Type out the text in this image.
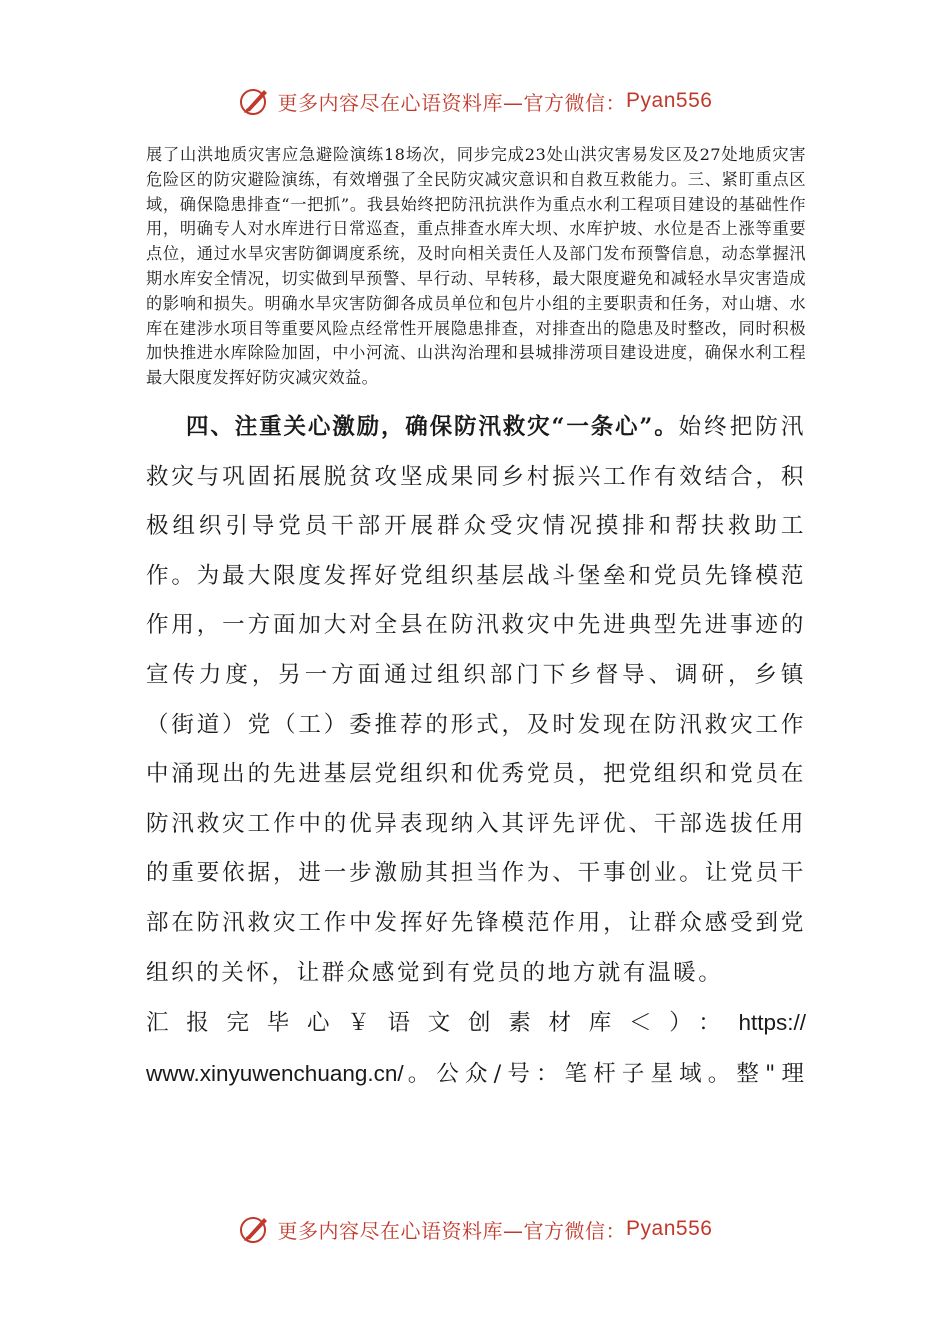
更多内容尽在心语资料库—官方微信： Pyan556

展了山洪地质灾害应急避险演练18场次，同步完成23处山洪灾害易发区及27处地质灾害危险区的防灾避险演练，有效增强了全民防灾减灾意识和自救互救能力。三、紧盯重点区域，确保隐患排查“一把抓”。我县始终把防汛抗洪作为重点水利工程项目建设的基础性作用，明确专人对水库进行日常巡查，重点排查水库大坝、水库护坡、水位是否上涨等重要点位，通过水旱灾害防御调度系统，及时向相关责任人及部门发布预警信息，动态掌握汛期水库安全情况，切实做到早预警、早行动、早转移，最大限度避免和减轻水旱灾害造成的影响和损失。明确水旱灾害防御各成员单位和包片小组的主要职责和任务，对山塘、水库在建涉水项目等重要风险点经常性开展隐患排查，对排查出的隐患及时整改，同时积极加快推进水库除险加固，中小河流、山洪沟治理和县城排涝项目建设进度，确保水利工程最大限度发挥好防灾减灾效益。

四、注重关心激励，确保防汛救灾“一条心”。始终把防汛救灾与巩固拓展脱贫攻坚成果同乡村振兴工作有效结合，积极组织引导党员干部开展群众受灾情况摸排和帮扶救助工作。为最大限度发挥好党组织基层战斗堡垒和党员先锋模范作用，一方面加大对全县在防汛救灾中先进典型先进事迹的宣传力度，另一方面通过组织部门下乡督导、调研，乡镇（街道）党（工）委推荐的形式，及时发现在防汛救灾工作中涌现出的先进基层党组织和优秀党员，把党组织和党员在防汛救灾工作中的优异表现纳入其评先评优、干部选拔任用的重要依据，进一步激励其担当作为、干事创业。让党员干部在防汛救灾工作中发挥好先锋模范作用，让群众感受到党组织的关怀，让群众感觉到有党员的地方就有温暖。

汇报完毕心￥语文创素材库＜）：https://
www.xinyuwenchuang.cn/。公众/号：笔杆子星域。整"理
更多内容尽在心语资料库—官方微信： Pyan556
